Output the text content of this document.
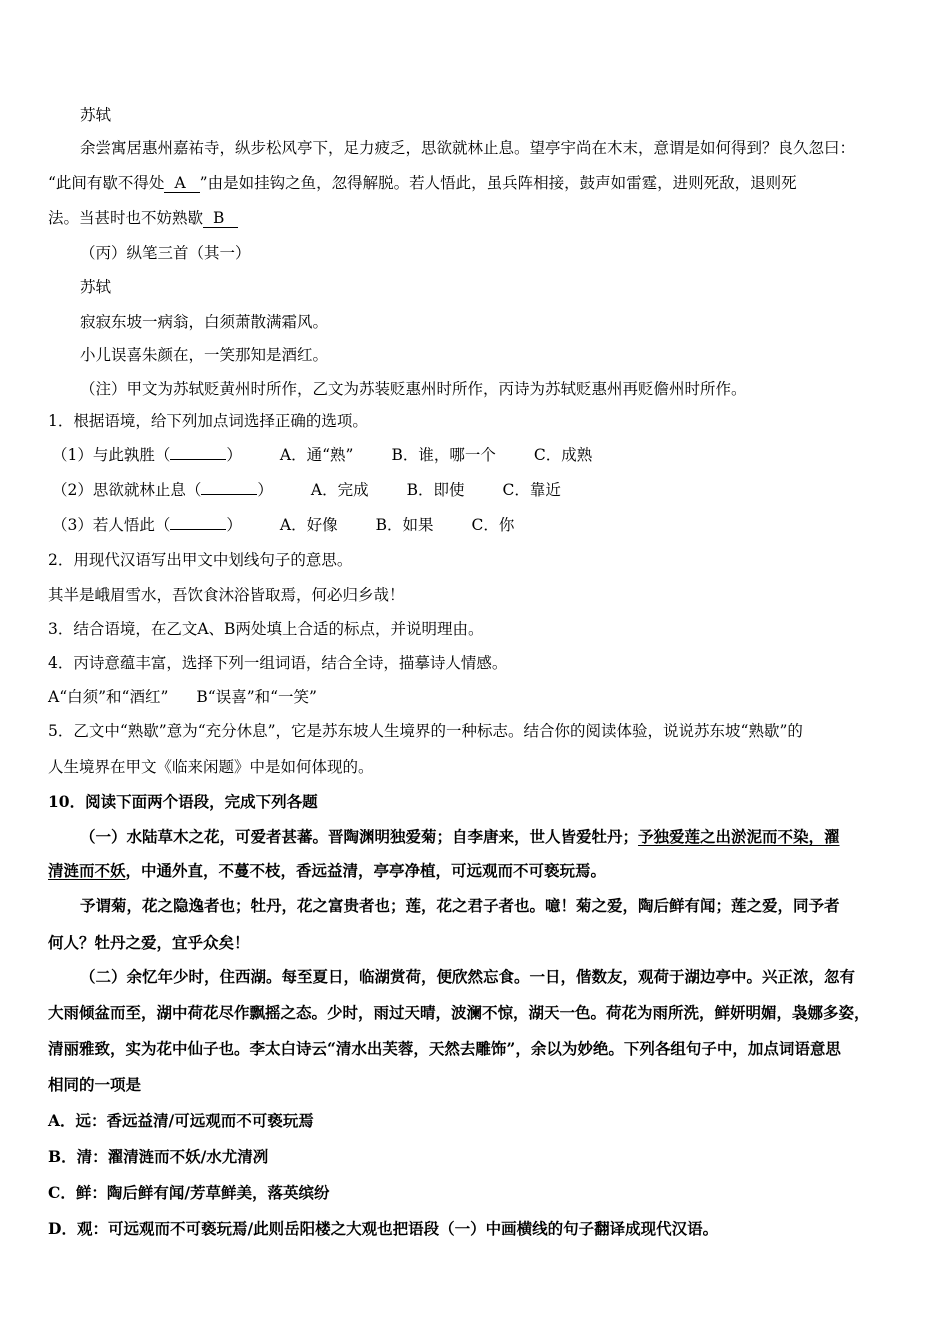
苏轼
余尝寓居惠州嘉祐寺，纵步松风亭下，足力疲乏，思欲就林止息。望亭宇尚在木末，意谓是如何得到？良久忽曰：
“此间有歇不得处 A ”由是如挂钩之鱼，忽得解脱。若人悟此，虽兵阵相接，鼓声如雷霆，进则死敌，退则死
法。当甚时也不妨熟歇 B
（丙）纵笔三首（其一）
苏轼
寂寂东坡一病翁，白须萧散满霜风。
小儿误喜朱颜在，一笑那知是酒红。
（注）甲文为苏轼贬黄州时所作，乙文为苏装贬惠州时所作，丙诗为苏轼贬惠州再贬儋州时所作。
1．根据语境，给下列加点词选择正确的选项。
（1）与此孰胜（	） A．通“熟” B．谁，哪一个 C．成熟
（2）思欲就林止息（	） A．完成 B．即使 C．靠近
（3）若人悟此（	） A．好像 B．如果 C．你
2．用现代汉语写出甲文中划线句子的意思。
其半是峨眉雪水，吾饮食沐浴皆取焉，何必归乡哉！
3．结合语境，在乙文A、B两处填上合适的标点，并说明理由。
4．丙诗意蕴丰富，选择下列一组词语，结合全诗，描摹诗人情感。
A“白须”和“酒红” B“误喜”和“一笑”
5．乙文中“熟歇”意为“充分休息”，它是苏东坡人生境界的一种标志。结合你的阅读体验，说说苏东坡“熟歇”的
人生境界在甲文《临来闲题》中是如何体现的。
10．阅读下面两个语段，完成下列各题
（一）水陆草木之花，可爱者甚蕃。晋陶渊明独爱菊；自李唐来，世人皆爱牡丹；予独爱莲之出淤泥而不染，濯
清涟而不妖，中通外直，不蔓不枝，香远益清，亭亭净植，可远观而不可亵玩焉。
予谓菊，花之隐逸者也；牡丹，花之富贵者也；莲，花之君子者也。噫！菊之爱，陶后鲜有闻；莲之爱，同予者
何人？牡丹之爱，宜乎众矣！
（二）余忆年少时，住西湖。每至夏日，临湖赏荷，便欣然忘食。一日，偕数友，观荷于湖边亭中。兴正浓，忽有
大雨倾盆而至，湖中荷花尽作飘摇之态。少时，雨过天晴，波澜不惊，湖天一色。荷花为雨所洗，鲜妍明媚，袅娜多姿，
清丽雅致，实为花中仙子也。李太白诗云“清水出芙蓉，天然去雕饰”，余以为妙绝。下列各组句子中，加点词语意思
相同的一项是
A．远：香远益清/可远观而不可亵玩焉
B．清：濯清涟而不妖/水尤清冽
C．鲜：陶后鲜有闻/芳草鲜美，落英缤纷
D．观：可远观而不可亵玩焉/此则岳阳楼之大观也把语段（一）中画横线的句子翻译成现代汉语。
